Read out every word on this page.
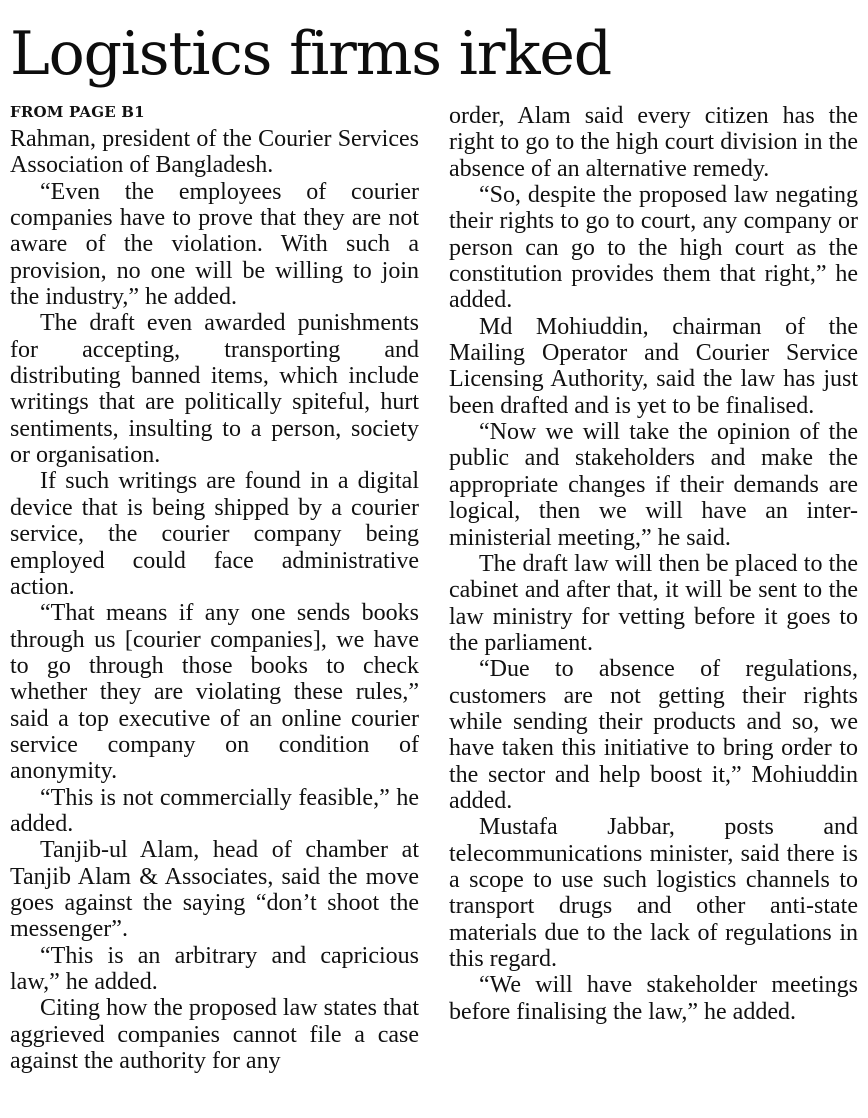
Logistics firms irked
FROM PAGE B1

Rahman, president of the Courier Services Association of Bangladesh.

“Even the employees of courier companies have to prove that they are not aware of the violation. With such a provision, no one will be willing to join the industry,” he added.

The draft even awarded punishments for accepting, transporting and distributing banned items, which include writings that are politically spiteful, hurt sentiments, insulting to a person, society or organisation.

If such writings are found in a digital device that is being shipped by a courier service, the courier company being employed could face administrative action.

“That means if any one sends books through us [courier companies], we have to go through those books to check whether they are violating these rules,” said a top executive of an online courier service company on condition of anonymity.

“This is not commercially feasible,” he added.

Tanjib-ul Alam, head of chamber at Tanjib Alam & Associates, said the move goes against the saying “don’t shoot the messenger”.

“This is an arbitrary and capricious law,” he added.

Citing how the proposed law states that aggrieved companies cannot file a case against the authority for any

order, Alam said every citizen has the right to go to the high court division in the absence of an alternative remedy.

“So, despite the proposed law negating their rights to go to court, any company or person can go to the high court as the constitution provides them that right,” he added.

Md Mohiuddin, chairman of the Mailing Operator and Courier Service Licensing Authority, said the law has just been drafted and is yet to be finalised.

“Now we will take the opinion of the public and stakeholders and make the appropriate changes if their demands are logical, then we will have an inter-ministerial meeting,” he said.

The draft law will then be placed to the cabinet and after that, it will be sent to the law ministry for vetting before it goes to the parliament.

“Due to absence of regulations, customers are not getting their rights while sending their products and so, we have taken this initiative to bring order to the sector and help boost it,” Mohiuddin added.

Mustafa Jabbar, posts and telecommunications minister, said there is a scope to use such logistics channels to transport drugs and other anti-state materials due to the lack of regulations in this regard.

“We will have stakeholder meetings before finalising the law,” he added.
